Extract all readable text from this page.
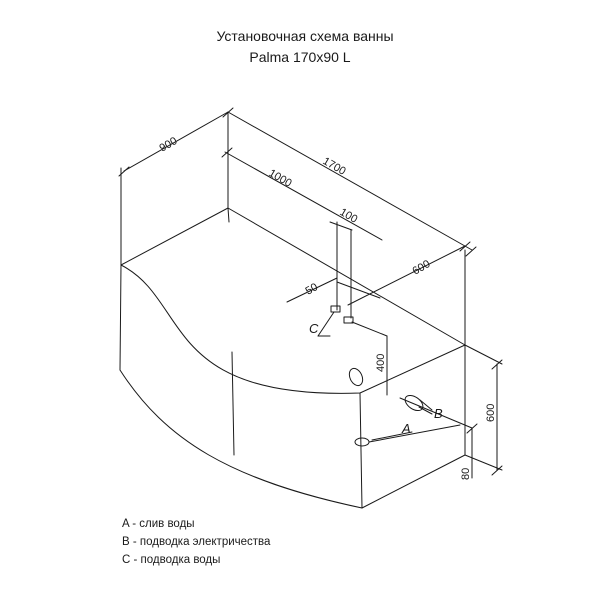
Установочная схема ванны
Palma 170x90 L
900
1700
1000
100
600
50
400
600
80
A
B
C
A - слив воды
B - подводка электричества
C - подводка воды
